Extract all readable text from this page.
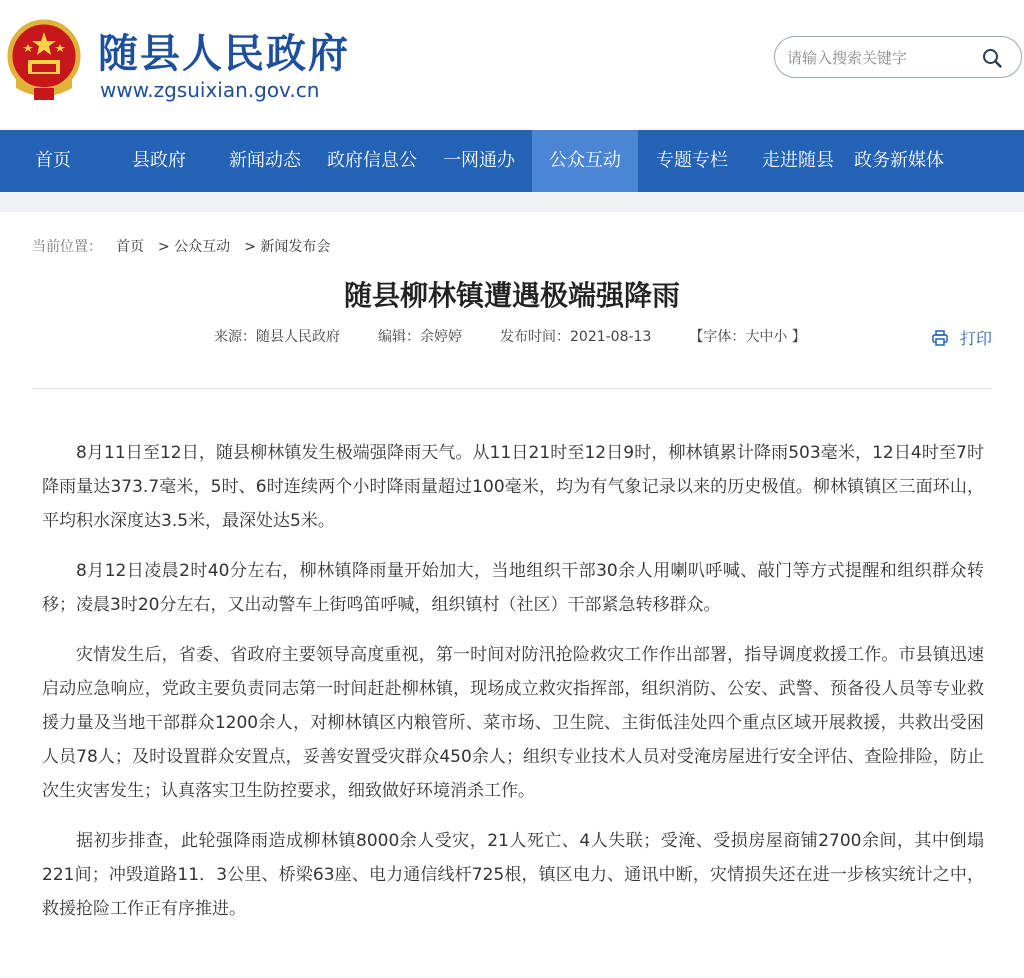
随县人民政府
www.zgsuixian.gov.cn
请输入搜索关键字
首页	县政府	新闻动态	政府信息公	一网通办	公众互动	专题专栏	走进随县	政务新媒体
当前位置： 首页 > 公众互动 > 新闻发布会
随县柳林镇遭遇极端强降雨
来源：随县人民政府	编辑：余婷婷	发布时间：2021-08-13	【字体：大中小 】	打印

8月11日至12日，随县柳林镇发生极端强降雨天气。从11日21时至12日9时，柳林镇累计降雨503毫米，12日4时至7时降雨量达373.7毫米，5时、6时连续两个小时降雨量超过100毫米，均为有气象记录以来的历史极值。柳林镇镇区三面环山，平均积水深度达3.5米，最深处达5米。

8月12日凌晨2时40分左右，柳林镇降雨量开始加大，当地组织干部30余人用喇叭呼喊、敲门等方式提醒和组织群众转移；凌晨3时20分左右，又出动警车上街鸣笛呼喊，组织镇村（社区）干部紧急转移群众。

灾情发生后，省委、省政府主要领导高度重视，第一时间对防汛抢险救灾工作作出部署，指导调度救援工作。市县镇迅速启动应急响应，党政主要负责同志第一时间赶赴柳林镇，现场成立救灾指挥部，组织消防、公安、武警、预备役人员等专业救援力量及当地干部群众1200余人，对柳林镇区内粮管所、菜市场、卫生院、主街低洼处四个重点区域开展救援，共救出受困人员78人；及时设置群众安置点，妥善安置受灾群众450余人；组织专业技术人员对受淹房屋进行安全评估、查险排险，防止次生灾害发生；认真落实卫生防控要求，细致做好环境消杀工作。

据初步排查，此轮强降雨造成柳林镇8000余人受灾，21人死亡、4人失联；受淹、受损房屋商铺2700余间，其中倒塌221间；冲毁道路11．3公里、桥梁63座、电力通信线杆725根，镇区电力、通讯中断，灾情损失还在进一步核实统计之中，救援抢险工作正有序推进。
